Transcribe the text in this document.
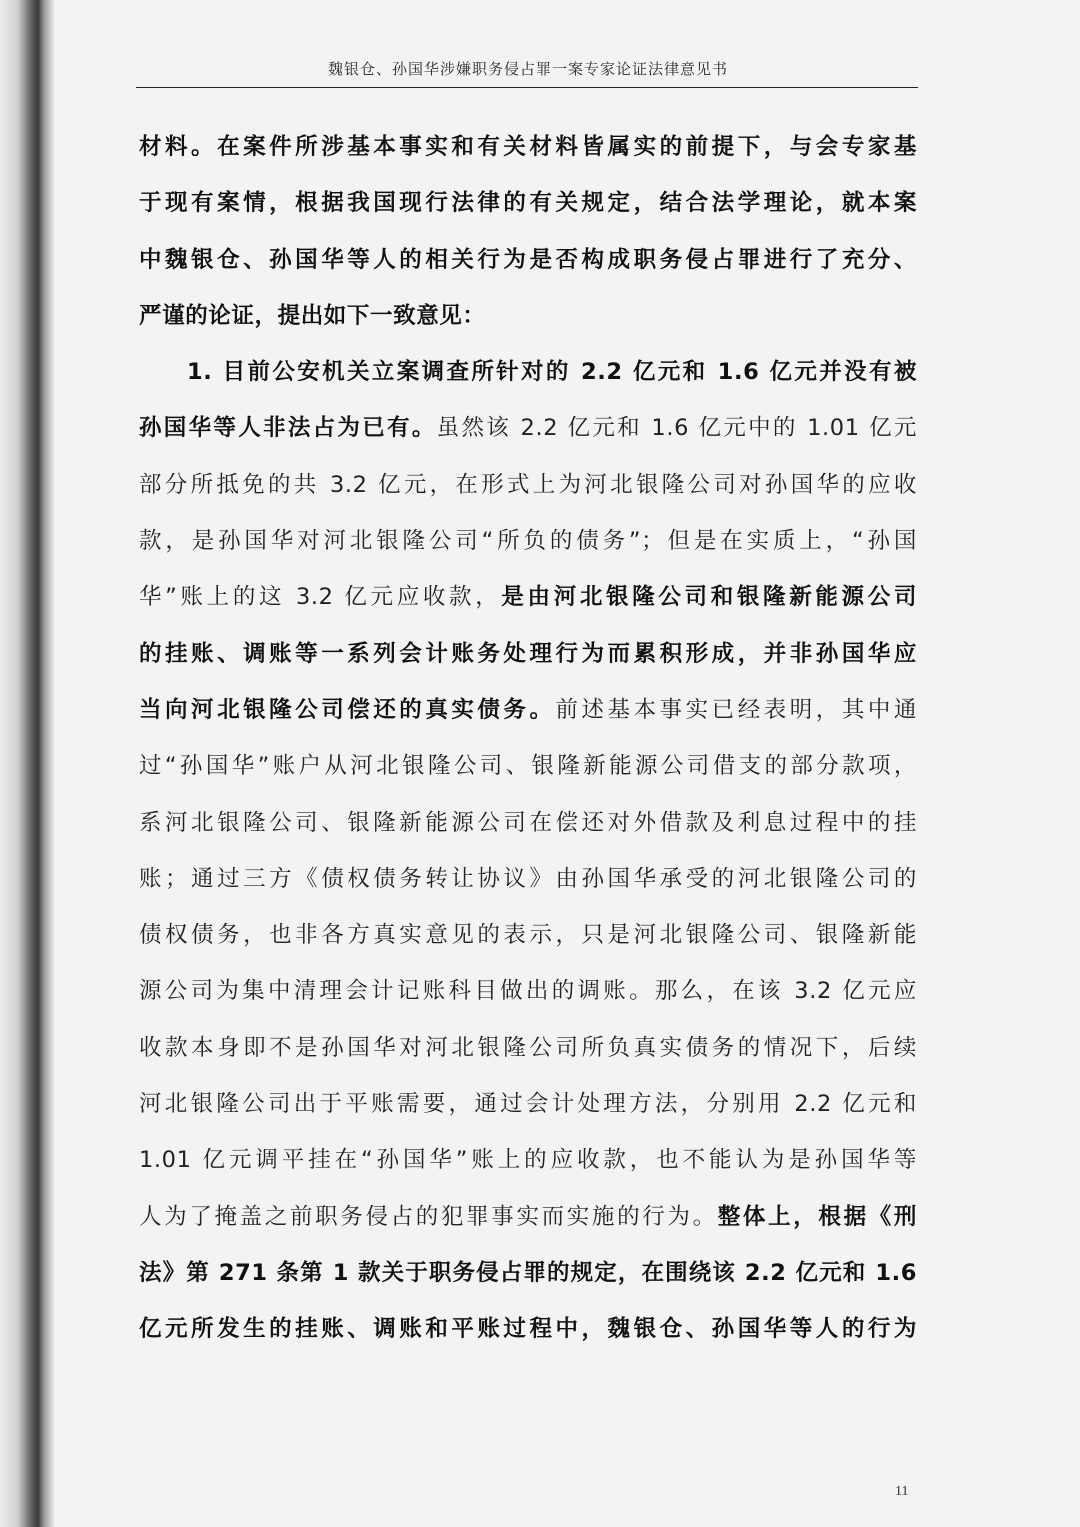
魏银仓、孙国华涉嫌职务侵占罪一案专家论证法律意见书
材料。在案件所涉基本事实和有关材料皆属实的前提下，与会专家基
于现有案情，根据我国现行法律的有关规定，结合法学理论，就本案
中魏银仓、孙国华等人的相关行为是否构成职务侵占罪进行了充分、
严谨的论证，提出如下一致意见：
1. 目前公安机关立案调查所针对的 2.2 亿元和 1.6 亿元并没有被
孙国华等人非法占为已有。虽然该 2.2 亿元和 1.6 亿元中的 1.01 亿元
部分所抵免的共 3.2 亿元，在形式上为河北银隆公司对孙国华的应收
款，是孙国华对河北银隆公司“所负的债务”；但是在实质上，“孙国
华”账上的这 3.2 亿元应收款，是由河北银隆公司和银隆新能源公司
的挂账、调账等一系列会计账务处理行为而累积形成，并非孙国华应
当向河北银隆公司偿还的真实债务。前述基本事实已经表明，其中通
过“孙国华”账户从河北银隆公司、银隆新能源公司借支的部分款项，
系河北银隆公司、银隆新能源公司在偿还对外借款及利息过程中的挂
账；通过三方《债权债务转让协议》由孙国华承受的河北银隆公司的
债权债务，也非各方真实意见的表示，只是河北银隆公司、银隆新能
源公司为集中清理会计记账科目做出的调账。那么，在该 3.2 亿元应
收款本身即不是孙国华对河北银隆公司所负真实债务的情况下，后续
河北银隆公司出于平账需要，通过会计处理方法，分别用 2.2 亿元和
1.01 亿元调平挂在“孙国华”账上的应收款，也不能认为是孙国华等
人为了掩盖之前职务侵占的犯罪事实而实施的行为。整体上，根据《刑
法》第 271 条第 1 款关于职务侵占罪的规定，在围绕该 2.2 亿元和 1.6
亿元所发生的挂账、调账和平账过程中，魏银仓、孙国华等人的行为
11
